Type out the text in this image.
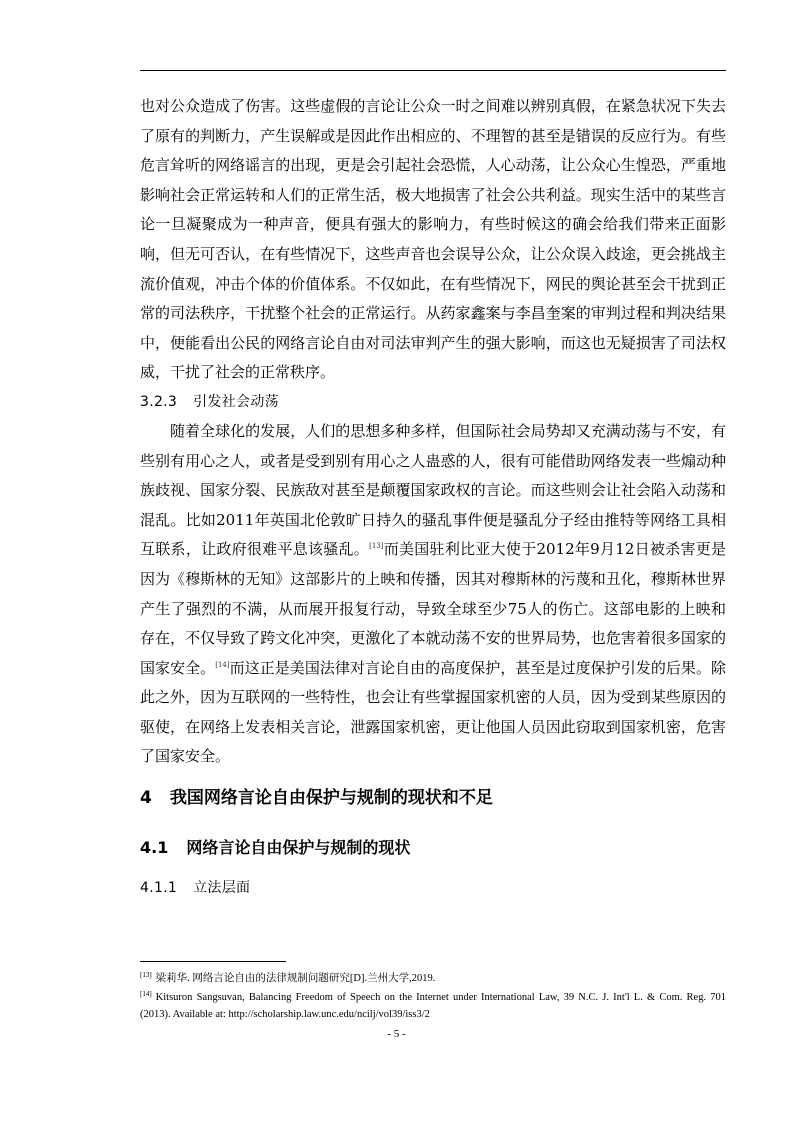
也对公众造成了伤害。这些虚假的言论让公众一时之间难以辨别真假，在紧急状况下失去了原有的判断力，产生误解或是因此作出相应的、不理智的甚至是错误的反应行为。有些危言耸听的网络谣言的出现，更是会引起社会恐慌，人心动荡，让公众心生惶恐，严重地影响社会正常运转和人们的正常生活，极大地损害了社会公共利益。现实生活中的某些言论一旦凝聚成为一种声音，便具有强大的影响力，有些时候这的确会给我们带来正面影响，但无可否认，在有些情况下，这些声音也会误导公众，让公众误入歧途，更会挑战主流价值观，冲击个体的价值体系。不仅如此，在有些情况下，网民的舆论甚至会干扰到正常的司法秩序，干扰整个社会的正常运行。从药家鑫案与李昌奎案的审判过程和判决结果中，便能看出公民的网络言论自由对司法审判产生的强大影响，而这也无疑损害了司法权威，干扰了社会的正常秩序。

3.2.3 引发社会动荡

随着全球化的发展，人们的思想多种多样，但国际社会局势却又充满动荡与不安，有些别有用心之人，或者是受到别有用心之人蛊惑的人，很有可能借助网络发表一些煽动种族歧视、国家分裂、民族敌对甚至是颠覆国家政权的言论。而这些则会让社会陷入动荡和混乱。比如2011年英国北伦敦旷日持久的骚乱事件便是骚乱分子经由推特等网络工具相互联系，让政府很难平息该骚乱。[13]而美国驻利比亚大使于2012年9月12日被杀害更是因为《穆斯林的无知》这部影片的上映和传播，因其对穆斯林的污蔑和丑化，穆斯林世界产生了强烈的不满，从而展开报复行动，导致全球至少75人的伤亡。这部电影的上映和存在，不仅导致了跨文化冲突，更激化了本就动荡不安的世界局势，也危害着很多国家的国家安全。[14]而这正是美国法律对言论自由的高度保护，甚至是过度保护引发的后果。除此之外，因为互联网的一些特性，也会让有些掌握国家机密的人员，因为受到某些原因的驱使，在网络上发表相关言论，泄露国家机密，更让他国人员因此窃取到国家机密，危害了国家安全。

4 我国网络言论自由保护与规制的现状和不足

4.1 网络言论自由保护与规制的现状

4.1.1 立法层面

[13] 梁莉华. 网络言论自由的法律规制问题研究[D].兰州大学,2019.

[14] Kitsuron Sangsuvan, Balancing Freedom of Speech on the Internet under International Law, 39 N.C. J. Int'l L. & Com. Reg. 701 (2013). Available at: http://scholarship.law.unc.edu/ncilj/vol39/iss3/2

- 5 -
